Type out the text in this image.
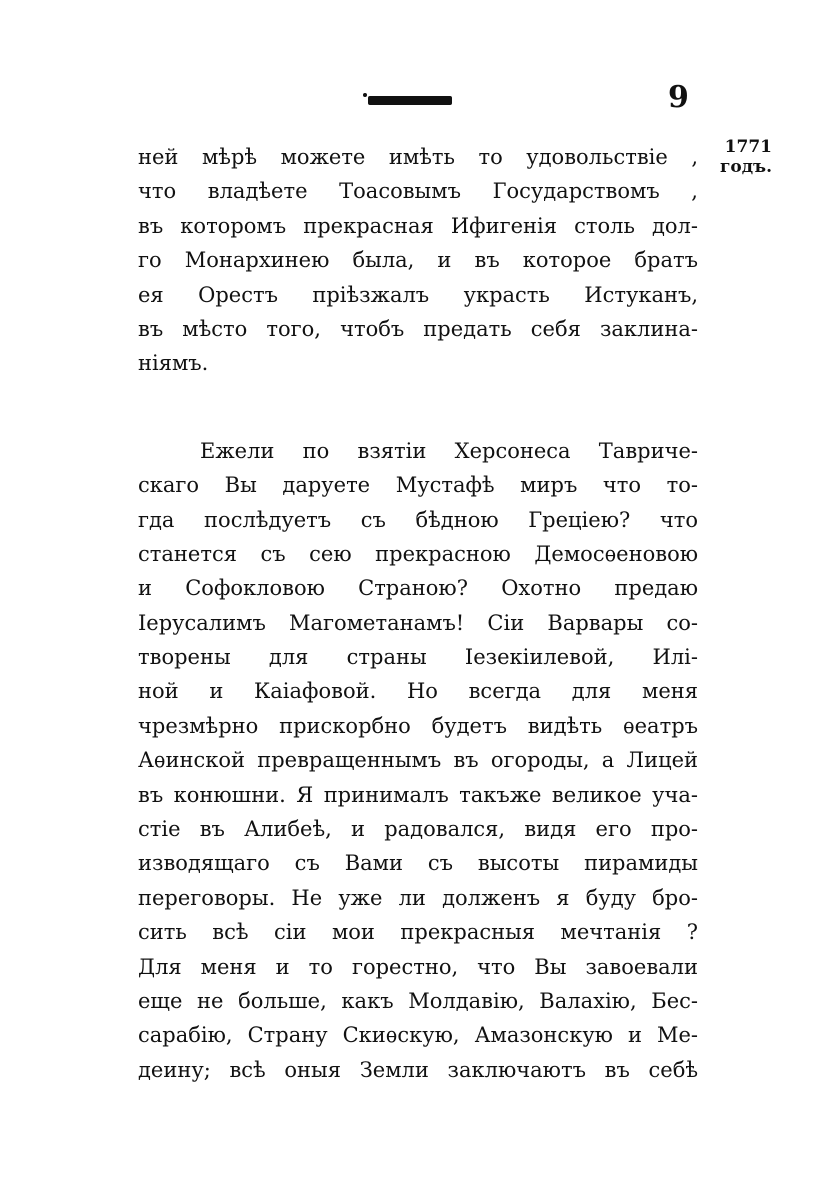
9
1771
годъ.
ней мѣрѣ можете имѣть то удовольствіе ,
что владѣете Тоасовымъ Государствомъ ,
въ которомъ прекрасная Ифигенія столь дол-
го Монархинею была, и въ которое братъ
ея Орестъ пріѣзжалъ украсть Истуканъ,
въ мѣсто того, чтобъ предать себя заклина-
ніямъ.
Ежели по взятіи Херсонеса Тавриче-
скаго Вы даруете Мустафѣ миръ что то-
гда послѣдуетъ съ бѣдною Греціею? что
станется съ сею прекрасною Демосѳеновою
и Софокловою Страною? Охотно предаю
Іерусалимъ Магометанамъ! Сіи Варвары со-
творены для страны Іезекіилевой, Илі-
ной и Каіафовой. Но всегда для меня
чрезмѣрно прискорбно будетъ видѣть ѳеатръ
Аѳинской превращеннымъ въ огороды, а Лицей
въ конюшни. Я принималъ такъже великое уча-
стіе въ Алибеѣ, и радовался, видя его про-
изводящаго съ Вами съ высоты пирамиды
переговоры. Не уже ли долженъ я буду бро-
сить всѣ сіи мои прекрасныя мечтанія ?
Для меня и то горестно, что Вы завоевали
еще не больше, какъ Молдавію, Валахію, Бес-
сарабію, Страну Скиѳскую, Амазонскую и Ме-
деину; всѣ оныя Земли заключаютъ въ себѣ
